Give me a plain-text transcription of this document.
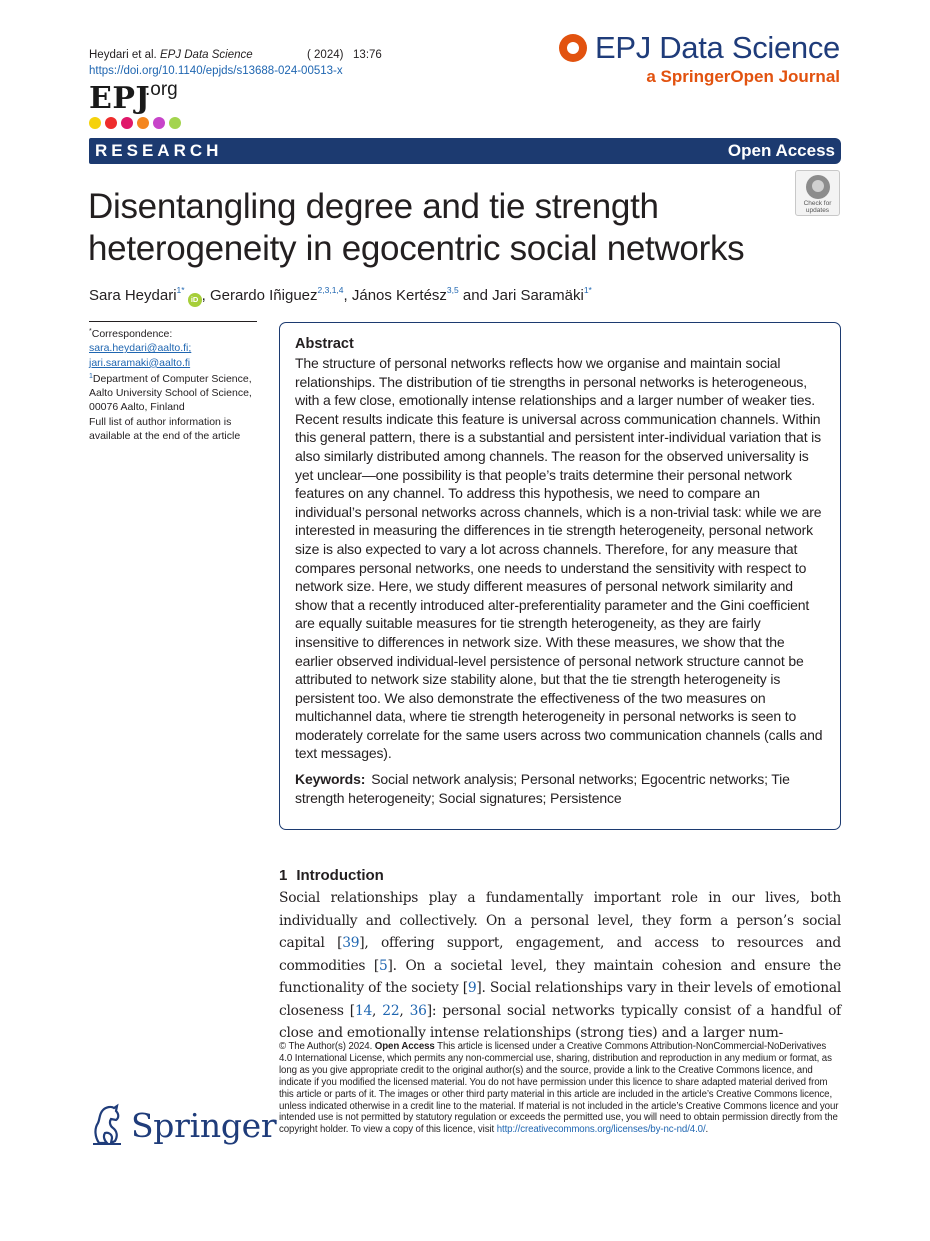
Heydari et al. EPJ Data Science	( 2024) 13:76
https://doi.org/10.1140/epjds/s13688-024-00513-x
EPJ
.org
EPJ Data Science
a SpringerOpen Journal
RESEARCH	Open Access
Disentangling degree and tie strength heterogeneity in egocentric social networks
Check for
updates
Sara Heydari$^{1*}$iD , Gerardo Iñiguez$^{2,3,1,4}$, János Kertész$^{3,5}$ and Jari Saramäki$^{1*}$
*Correspondence:
sara.heydari@aalto.fi;
jari.saramaki@aalto.fi
$^1$Department of Computer Science, Aalto University School of Science, 00076 Aalto, Finland
Full list of author information is available at the end of the article
Abstract

The structure of personal networks reflects how we organise and maintain social relationships. The distribution of tie strengths in personal networks is heterogeneous, with a few close, emotionally intense relationships and a larger number of weaker ties. Recent results indicate this feature is universal across communication channels. Within this general pattern, there is a substantial and persistent inter-individual variation that is also similarly distributed among channels. The reason for the observed universality is yet unclear—one possibility is that people’s traits determine their personal network features on any channel. To address this hypothesis, we need to compare an individual’s personal networks across channels, which is a non-trivial task: while we are interested in measuring the differences in tie strength heterogeneity, personal network size is also expected to vary a lot across channels. Therefore, for any measure that compares personal networks, one needs to understand the sensitivity with respect to network size. Here, we study different measures of personal network similarity and show that a recently introduced alter-preferentiality parameter and the Gini coefficient are equally suitable measures for tie strength heterogeneity, as they are fairly insensitive to differences in network size. With these measures, we show that the earlier observed individual-level persistence of personal network structure cannot be attributed to network size stability alone, but that the tie strength heterogeneity is persistent too. We also demonstrate the effectiveness of the two measures on multichannel data, where tie strength heterogeneity in personal networks is seen to moderately correlate for the same users across two communication channels (calls and text messages).

Keywords: Social network analysis; Personal networks; Egocentric networks; Tie strength heterogeneity; Social signatures; Persistence

1 Introduction

Social relationships play a fundamentally important role in our lives, both individually and collectively. On a personal level, they form a person’s social capital [39], offering support, engagement, and access to resources and commodities [5]. On a societal level, they maintain cohesion and ensure the functionality of the society [9]. Social relationships vary in their levels of emotional closeness [14, 22, 36]: personal social networks typically consist of a handful of close and emotionally intense relationships (strong ties) and a larger num-

© The Author(s) 2024. Open Access This article is licensed under a Creative Commons Attribution-NonCommercial-NoDerivatives 4.0 International License, which permits any non-commercial use, sharing, distribution and reproduction in any medium or format, as long as you give appropriate credit to the original author(s) and the source, provide a link to the Creative Commons licence, and indicate if you modified the licensed material. You do not have permission under this licence to share adapted material derived from this article or parts of it. The images or other third party material in this article are included in the article’s Creative Commons licence, unless indicated otherwise in a credit line to the material. If material is not included in the article’s Creative Commons licence and your intended use is not permitted by statutory regulation or exceeds the permitted use, you will need to obtain permission directly from the copyright holder. To view a copy of this licence, visit http://creativecommons.org/licenses/by-nc-nd/4.0/.

Springer
